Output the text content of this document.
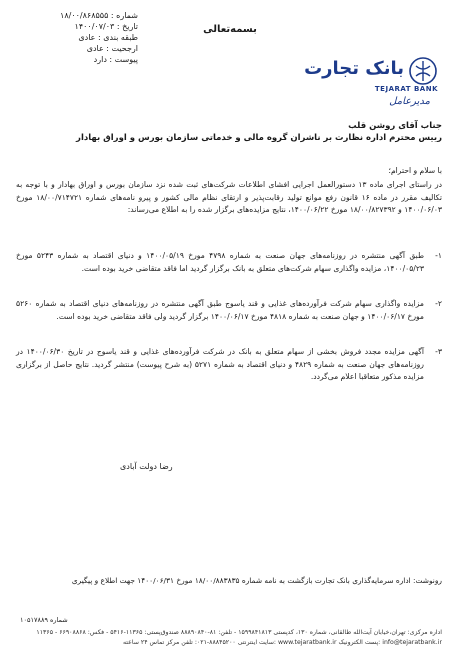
شماره : ۱۸/۰۰/۸۶۸۵۵۵
تاریخ : ۱۴۰۰/۰۷/۰۳
طبقه بندی : عادی
ارجحیت : عادی
پیوست : دارد
بسمه‌تعالی
بانک تجارت
TEJARAT BANK
مدیرعامل
جناب آقای روشن قلب
رییس محترم اداره نظارت بر ناشران گروه مالی و خدماتی سازمان بورس و اوراق بهادار
با سلام و احترام؛
در راستای اجرای ماده ۱۳ دستورالعمل اجرایی افشای اطلاعات شرکت‌های ثبت شده نزد سازمان بورس و اوراق بهادار و با توجه به تکالیف مقرر در ماده ۱۶ قانون رفع موانع تولید رقابت‌پذیر و ارتقای نظام مالی کشور و پیرو نامه‌های شماره ۱۸/۰۰/۷۱۴۷۲۱ مورخ ۱۴۰۰/۰۶/۰۳ و ۱۸/۰۰/۸۲۷۳۹۲ مورخ ۱۴۰۰/۰۶/۲۲، نتایج مزایده‌های برگزار شده را به اطلاع می‌رساند:
۱-
طبق آگهی منتشره در روزنامه‌های جهان صنعت به شماره ۴۷۹۸ مورخ ۱۴۰۰/۰۵/۱۹ و دنیای اقتصاد به شماره ۵۲۴۳ مورخ ۱۴۰۰/۰۵/۲۳، مزایده واگذاری سهام شرکت‌های متعلق به بانک برگزار گردید اما فاقد متقاضی خرید بوده است.
۲-
مزایده واگذاری سهام شرکت فرآورده‌های غذایی و قند یاسوج طبق آگهی منتشره در روزنامه‌های دنیای اقتصاد به شماره ۵۲۶۰ مورخ ۱۴۰۰/۰۶/۱۷ و جهان صنعت به شماره ۴۸۱۸ مورخ ۱۴۰۰/۰۶/۱۷ برگزار گردید ولی فاقد متقاضی خرید بوده است.
۳-
آگهی مزایده مجدد فروش بخشی از سهام متعلق به بانک در شرکت فرآورده‌های غذایی و قند یاسوج در تاریخ ۱۴۰۰/۰۶/۳۰ در روزنامه‌های جهان صنعت به شماره ۴۸۲۹ و دنیای اقتصاد به شماره ۵۲۷۱ (به شرح پیوست) منتشر گردید. نتایج حاصل از برگزاری مزایده مذکور متعاقبا اعلام می‌گردد.
رضا دولت آبادی
رونوشت: اداره سرمایه‌گذاری بانک تجارت بازگشت به نامه شماره ۱۸/۰۰/۸۸۳۸۳۵ مورخ ۱۴۰۰/۰۶/۳۱ جهت اطلاع و پیگیری
شماره ۱۰۵۱۷۸۸۹
اداره مرکزی: تهران،خیابان آیت‌الله طالقانی، شماره ۱۳۰، کدپستی ۱۵۹۹۸۴۱۸۱۳ - تلفن: ۸۱-۸۸۸۹۰۸۴۰ صندوق‌پستی: ۱۱۳۶۵-۵۴۱۶ - فکس: ۶۶۹۰۸۸۶۸ - ۱۱۳۶۵
info@tejaratbank.ir :پست الکترونیک www.tejaratbank.ir :سایت اینترنتی ۸۸۸۴۵۲۰۰-۰۲۱: تلفن مرکز تماس ۲۴ ساعته
